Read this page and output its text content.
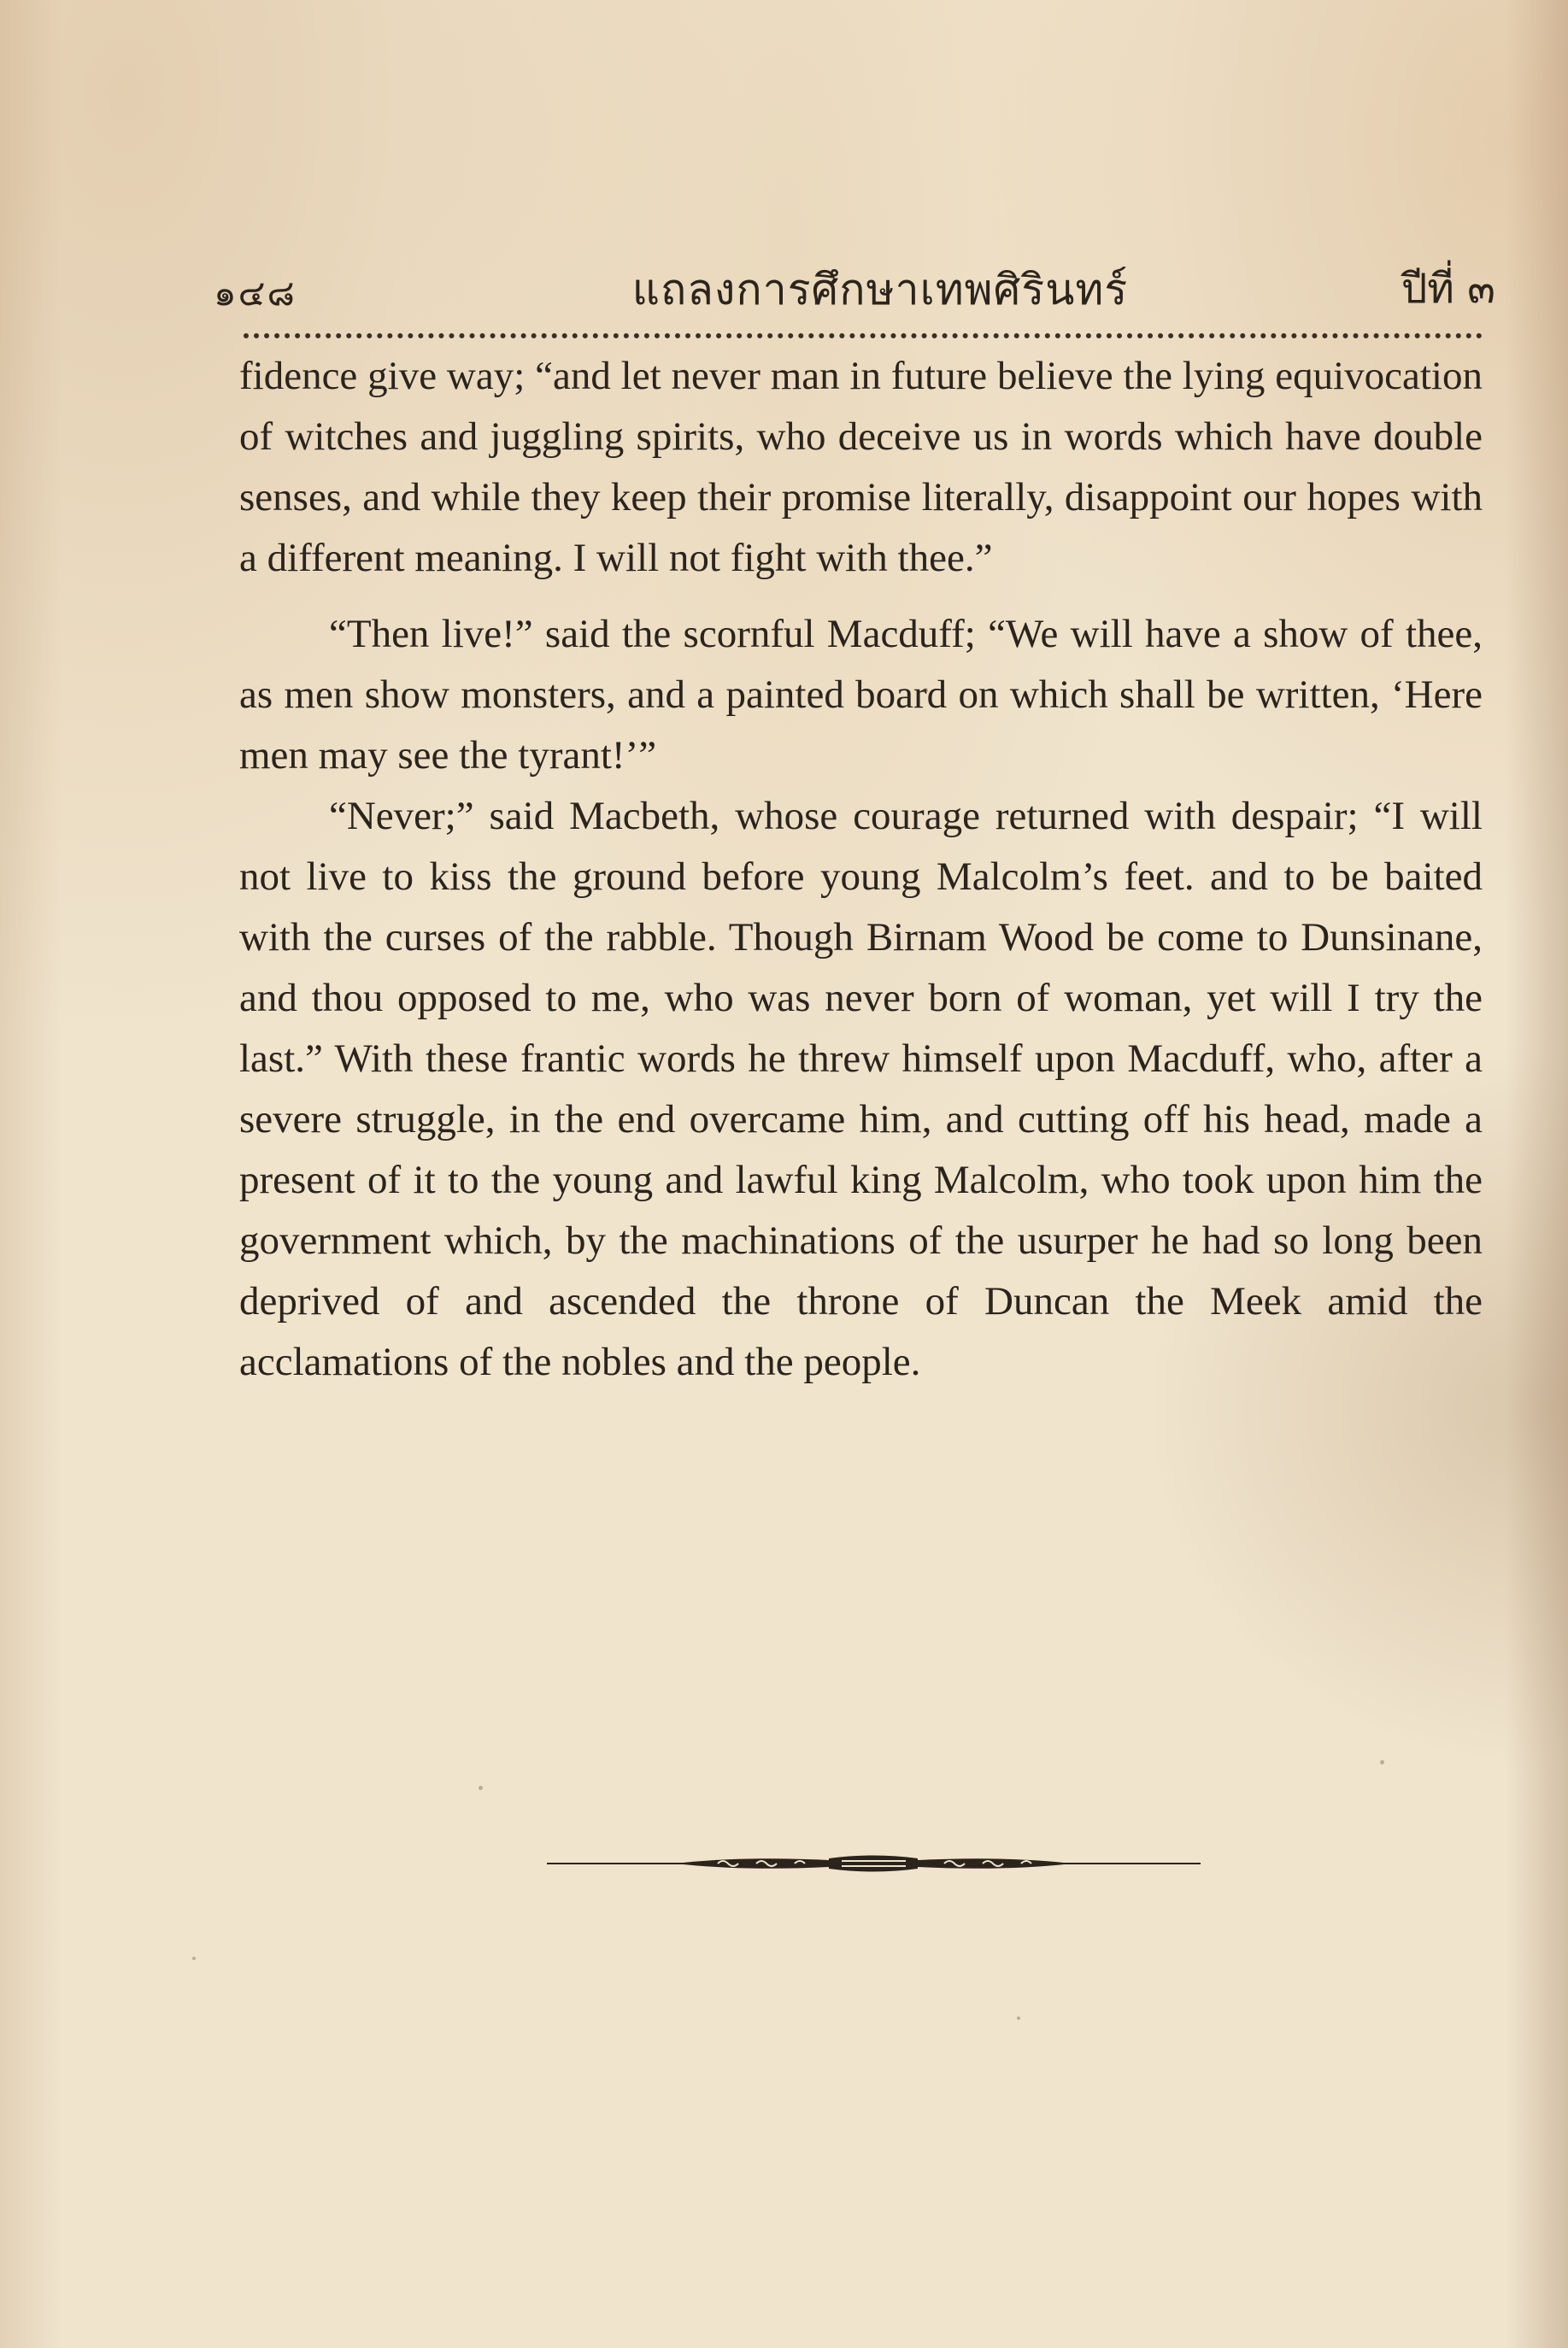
๑๔๘	แถลงการศึกษาเทพศิรินทร์	ปีที่ ๓

fidence give way; “and let never man in future believe the lying equivocation of witches and juggling spirits, who deceive us in words which have double senses, and while they keep their promise literally, disappoint our hopes with a different meaning. I will not fight with thee.”

“Then live!” said the scornful Macduff; “We will have a show of thee, as men show monsters, and a painted board on which shall be written, ‘Here men may see the tyrant!’”

“Never;” said Macbeth, whose courage returned with despair; “I will not live to kiss the ground before young Malcolm’s feet. and to be baited with the curses of the rabble. Though Birnam Wood be come to Dunsinane, and thou opposed to me, who was never born of woman, yet will I try the last.” With these frantic words he threw himself upon Macduff, who, after a severe struggle, in the end overcame him, and cutting off his head, made a present of it to the young and lawful king Malcolm, who took upon him the government which, by the machinations of the usurper he had so long been deprived of and ascended the throne of Duncan the Meek amid the acclamations of the nobles and the people.
